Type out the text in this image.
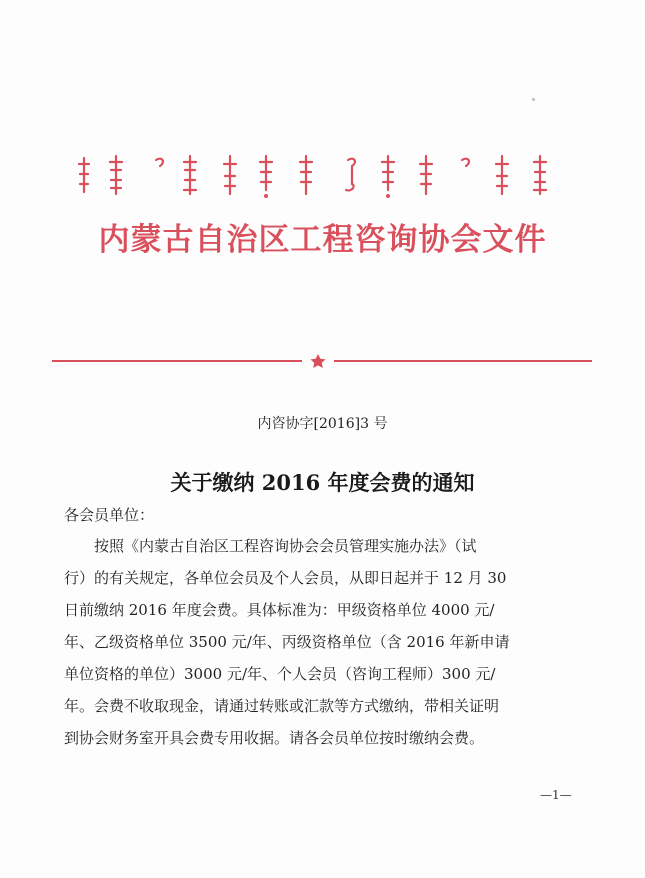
内蒙古自治区工程咨询协会文件
内咨协字[2016]3 号
关于缴纳 2016 年度会费的通知
各会员单位：
按照《内蒙古自治区工程咨询协会会员管理实施办法》（试
行）的有关规定，各单位会员及个人会员，从即日起并于 12 月 30
日前缴纳 2016 年度会费。具体标准为：甲级资格单位 4000 元/
年、乙级资格单位 3500 元/年、丙级资格单位（含 2016 年新申请
单位资格的单位）3000 元/年、个人会员（咨询工程师）300 元/
年。会费不收取现金，请通过转账或汇款等方式缴纳，带相关证明
到协会财务室开具会费专用收据。请各会员单位按时缴纳会费。
—1—
